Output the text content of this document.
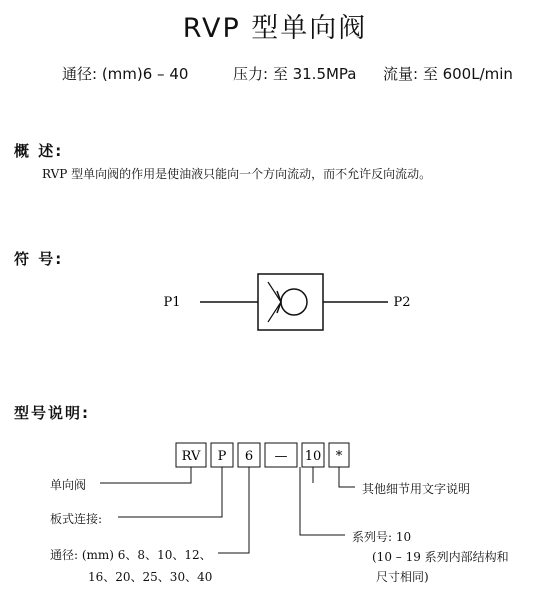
RVP 型单向阀
通径: (mm)6 – 40	压力: 至 31.5MPa 流量: 至 600L/min
概 述:
RVP 型单向阀的作用是使油液只能向一个方向流动，而不允许反向流动。
符 号:
P1	P2
RV P 6 — 10 *
型号说明:
单向阀
板式连接:
通径: (mm) 6、8、10、12、
16、20、25、30、40
其他细节用文字说明
系列号: 10
(10 – 19 系列内部结构和
尺寸相同)
